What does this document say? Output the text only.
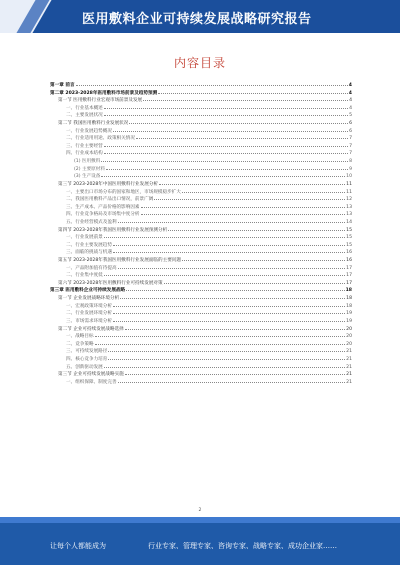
医用敷料企业可持续发展战略研究报告
内容目录
第一章 前言	4
第二章 2023-2028年医用敷料市场前景及趋势预测	4
第一节 医用敷料行业宏观市场前景及发展	4
一、行业基本概述	4
二、主要发展状况	5
第二节 我国医用敷料行业发展状况	6
一、行业发展趋势概况	6
二、行业适用用途、政策相关情况	7
三、行业主要经营	7
四、行业成本结构	7
(1) 医用敷料	8
(2) 主要原材料	9
(3) 生产设备	10
第三节 2023-2028年中国医用敷料行业发展分析	11
一、主要出口市场分布的国家和地区，市场规模稳步扩大	11
二、我国医用敷料产品出口情况，前景广阔	12
三、生产成本、产品价格的影响因素	13
四、行业竞争格局及市场集中度分析	13
五、行业经营模式及盈利	14
第四节 2023-2028年我国医用敷料行业发展预测分析	15
一、行业发展前景	15
二、行业主要发展趋势	15
三、面临的挑战与机遇	16
第五节 2023-2028年我国医用敷料行业发展面临的主要问题	16
一、产品附加值有待提高	17
二、行业集中度低	17
第六节 2023-2028年医用敷料行业可持续发展对策	17
第三章 医用敷料企业可持续发展战略	18
第一节 企业发展战略环境分析	18
一、宏观政策环境分析	18
二、行业发展环境分析	19
三、市场需求环境分析	19
第二节 企业可持续发展战略选择	20
一、战略目标	20
二、竞争策略	20
三、可持续发展路径	21
四、核心竞争力培育	21
五、创新驱动发展	21
第三节 企业可持续发展战略实施	21
一、组织保障、制度完善	21
2
让每个人都能成为	行业专家、管理专家、咨询专家、战略专家、成功企业家……
